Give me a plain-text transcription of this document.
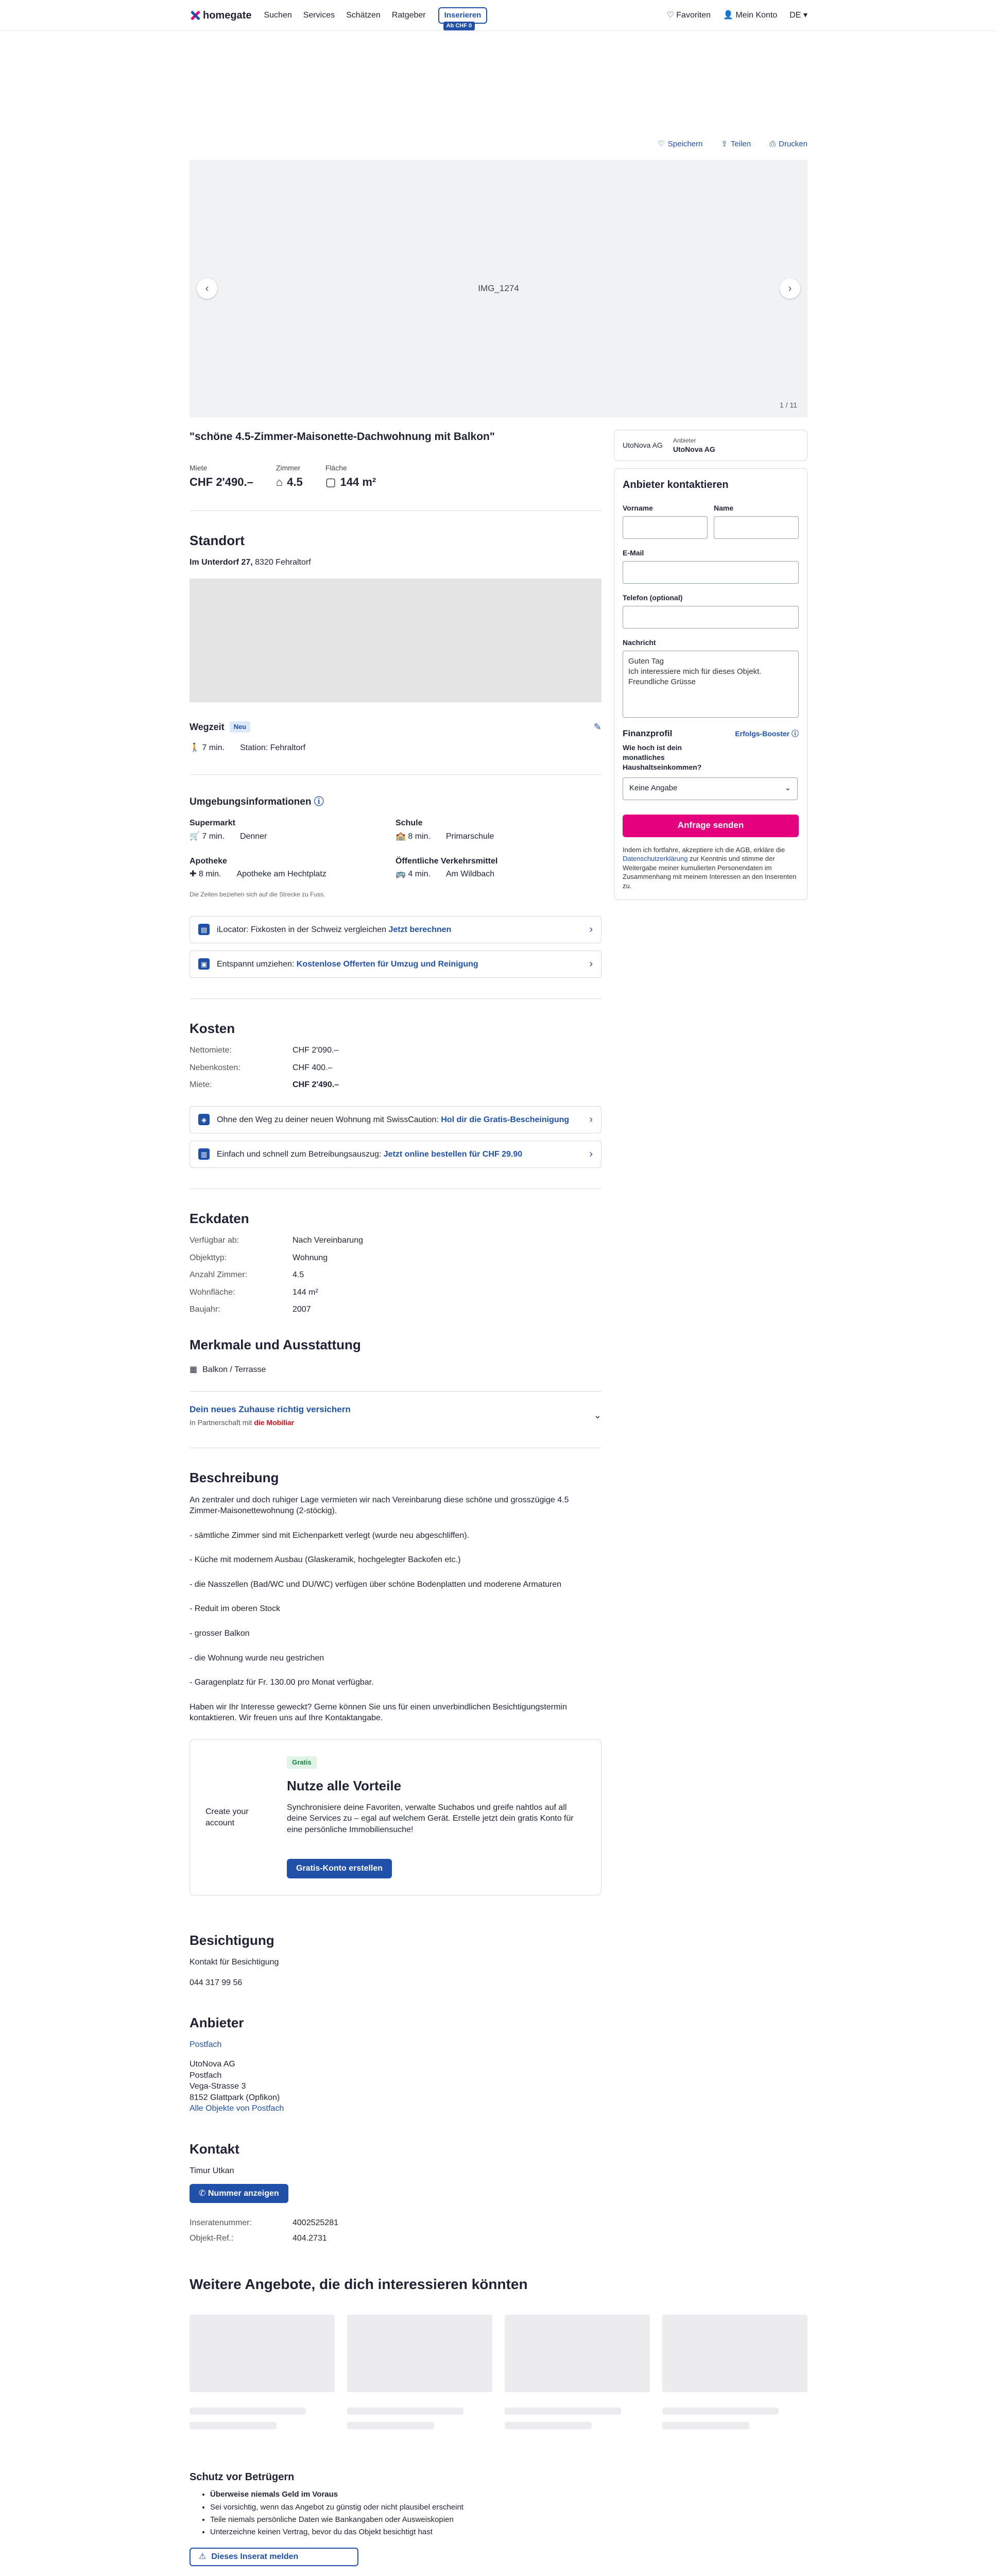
homegate Suchen Services Schätzen Ratgeber	Inserieren
Ab CHF 0
♡ Favoriten 👤 Mein Konto DE ▾
♡ Speichern ⇪ Teilen ⎙ Drucken
IMG_1274
‹	›
1 / 11
"schöne 4.5-Zimmer-Maisonette-Dachwohnung mit Balkon"
Miete
CHF 2'490.–
Zimmer
⌂ 4.5
Fläche
▢ 144 m²
Standort
Im Unterdorf 27, 8320 Fehraltorf
Wegzeit	Neu	✎
🚶 7 min. Station: Fehraltorf
Umgebungsinformationen ⓘ
Supermarkt
🛒 7 min. Denner
Schule
🏫 8 min. Primarschule
Apotheke
✚ 8 min. Apotheke am Hechtplatz
Öffentliche Verkehrsmittel
🚌 4 min. Am Wildbach
Die Zeiten beziehen sich auf die Strecke zu Fuss.
▤	iLocator: Fixkosten in der Schweiz vergleichen Jetzt berechnen	›
▣	Entspannt umziehen: Kostenlose Offerten für Umzug und Reinigung	›
Kosten
Nettomiete:	CHF 2'090.–
Nebenkosten:	CHF 400.–
Miete:	CHF 2'490.–
◈	Ohne den Weg zu deiner neuen Wohnung mit SwissCaution: Hol dir die Gratis-Bescheinigung ›
▥	Einfach und schnell zum Betreibungsauszug: Jetzt online bestellen für CHF 29.90	›
Eckdaten
Verfügbar ab:	Nach Vereinbarung
Objekttyp:	Wohnung
Anzahl Zimmer:	4.5
Wohnfläche:	144 m²
Baujahr:	2007
Merkmale und Ausstattung
▦ Balkon / Terrasse
Dein neues Zuhause richtig versichern
In Partnerschaft mit die Mobiliar
⌄
Beschreibung

An zentraler und doch ruhiger Lage vermieten wir nach Vereinbarung diese schöne und grosszügige 4.5 Zimmer-Maisonettewohnung (2-stöckig).

- sämtliche Zimmer sind mit Eichenparkett verlegt (wurde neu abgeschliffen).

- Küche mit modernem Ausbau (Glaskeramik, hochgelegter Backofen etc.)

- die Nasszellen (Bad/WC und DU/WC) verfügen über schöne Bodenplatten und moderene Armaturen

- Reduit im oberen Stock

- grosser Balkon

- die Wohnung wurde neu gestrichen

- Garagenplatz für Fr. 130.00 pro Monat verfügbar.

Haben wir Ihr Interesse geweckt? Gerne können Sie uns für einen unverbindlichen Besichtigungstermin kontaktieren. Wir freuen uns auf Ihre Kontaktangabe.

Create your account
Gratis
Nutze alle Vorteile

Synchronisiere deine Favoriten, verwalte Suchabos und greife nahtlos auf all deine Services zu – egal auf welchem Gerät. Erstelle jetzt dein gratis Konto für eine persönliche Immobiliensuche!

Gratis-Konto erstellen
Besichtigung
Kontakt für Besichtigung
044 317 99 56
Anbieter
Postfach
UtoNova AG
Postfach
Vega-Strasse 3
8152 Glattpark (Opfikon)
Alle Objekte von Postfach
Kontakt
Timur Utkan
✆ Nummer anzeigen
Inseratenummer:	4002525281
Objekt-Ref.:	404.2731
UtoNova AG
Anbieter
UtoNova AG
Anbieter kontaktieren
Vorname	Name
E-Mail
Telefon (optional)
Nachricht
Guten Tag
Ich interessiere mich für dieses Objekt.
Freundliche Grüsse
Finanzprofil	Erfolgs-Booster ⓘ
Wie hoch ist dein monatliches Haushaltseinkommen?
Keine Angabe	⌄
Anfrage senden
Indem ich fortfahre, akzeptiere ich die AGB, erkläre die Datenschutzerklärung zur Kenntnis und stimme der Weitergabe meiner kumulierten Personendaten im Zusammenhang mit meinem Interessen an den Inserenten zu.
Weitere Angebote, die dich interessieren könnten
Schutz vor Betrügern
• Überweise niemals Geld im Voraus
• Sei vorsichtig, wenn das Angebot zu günstig oder nicht plausibel erscheint
• Teile niemals persönliche Daten wie Bankangaben oder Ausweiskopien
• Unterzeichne keinen Vertrag, bevor du das Objekt besichtigt hast
⚠ Dieses Inserat melden
